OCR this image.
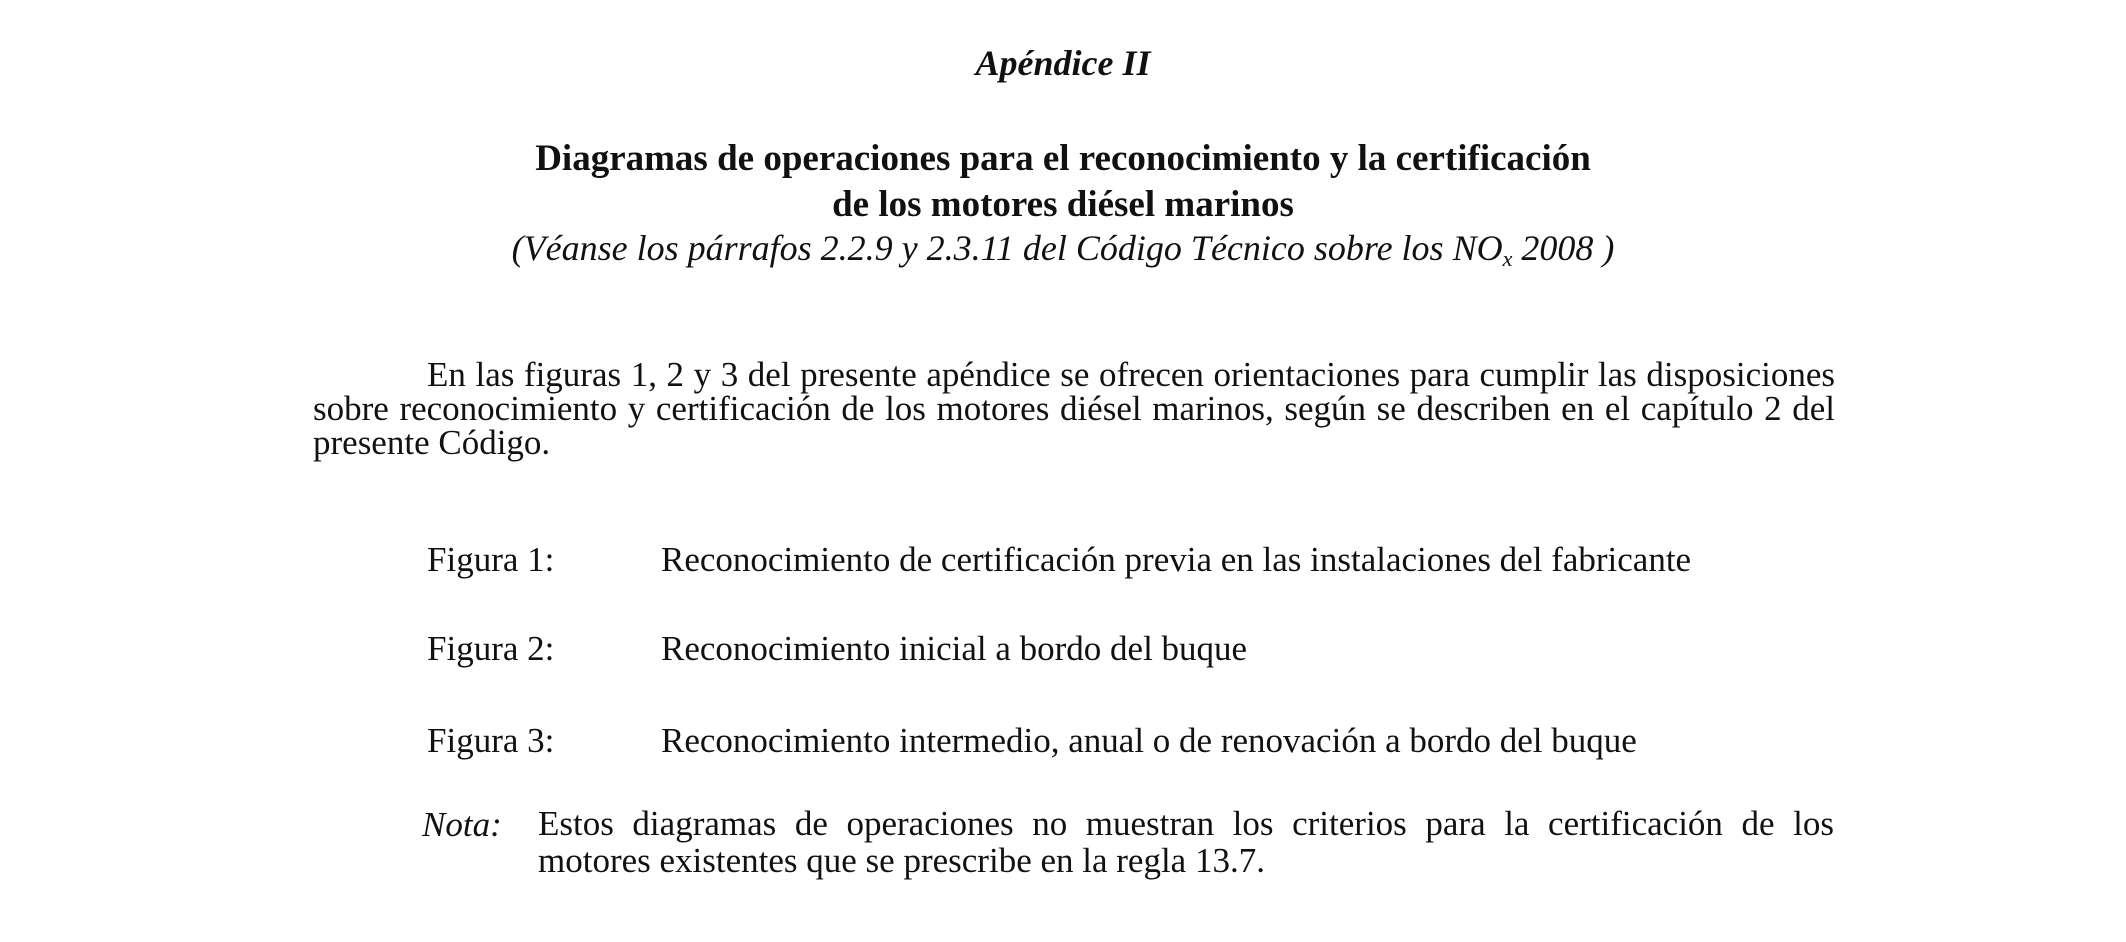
Apéndice II
Diagramas de operaciones para el reconocimiento y la certificación
de los motores diésel marinos
(Véanse los párrafos 2.2.9 y 2.3.11 del Código Técnico sobre los $NO_x$ 2008 )
En las figuras 1, 2 y 3 del presente apéndice se ofrecen orientaciones para cumplir las disposiciones sobre reconocimiento y certificación de los motores diésel marinos, según se describen en el capítulo 2 del presente Código.
Figura 1:	Reconocimiento de certificación previa en las instalaciones del fabricante
Figura 2:	Reconocimiento inicial a bordo del buque
Figura 3:	Reconocimiento intermedio, anual o de renovación a bordo del buque
Nota: Estos diagramas de operaciones no muestran los criterios para la certificación de los motores existentes que se prescribe en la regla 13.7.
